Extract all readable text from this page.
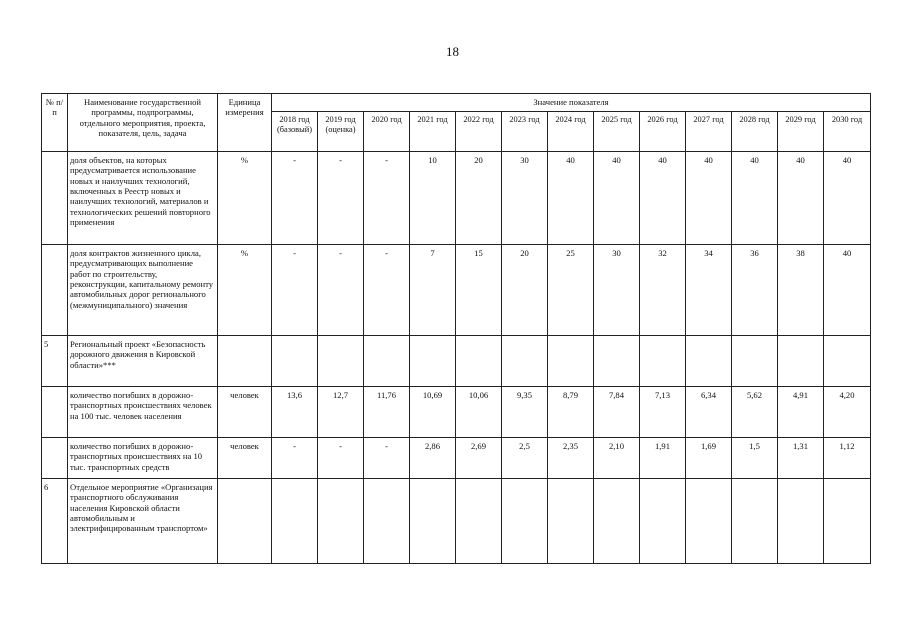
18
№ п/п	Наименование государственной программы, подпрограммы, отдельного мероприятия, проекта, показателя, цель, задача	Единица измерения	Значение показателя												
			2018 год (базовый)	2019 год (оценка)	2020 год	2021 год	2022 год	2023 год	2024 год	2025 год	2026 год	2027 год	2028 год	2029 год	2030 год
	доля объектов, на которых предусматривается использование новых и наилучших технологий, включенных в Реестр новых и наилучших технологий, материалов и технологических решений повторного применения	%	-	-	-	10	20	30	40	40	40	40	40	40	40
	доля контрактов жизненного цикла, предусматривающих выполнение работ по строительству, реконструкции, капитальному ремонту автомобильных дорог регионального (межмуниципального) значения	%	-	-	-	7	15	20	25	30	32	34	36	38	40
5	Региональный проект «Безопасность дорожного движения в Кировской области»***														
	количество погибших в дорожно-транспортных происшествиях человек на 100 тыс. человек населения	человек	13,6	12,7	11,76	10,69	10,06	9,35	8,79	7,84	7,13	6,34	5,62	4,91	4,20
	количество погибших в дорожно-транспортных происшествиях на 10 тыс. транспортных средств	человек	-	-	-	2,86	2,69	2,5	2,35	2,10	1,91	1,69	1,5	1,31	1,12
6	Отдельное мероприятие «Организация транспортного обслуживания населения Кировской области автомобильным и электрифицированным транспортом»														
